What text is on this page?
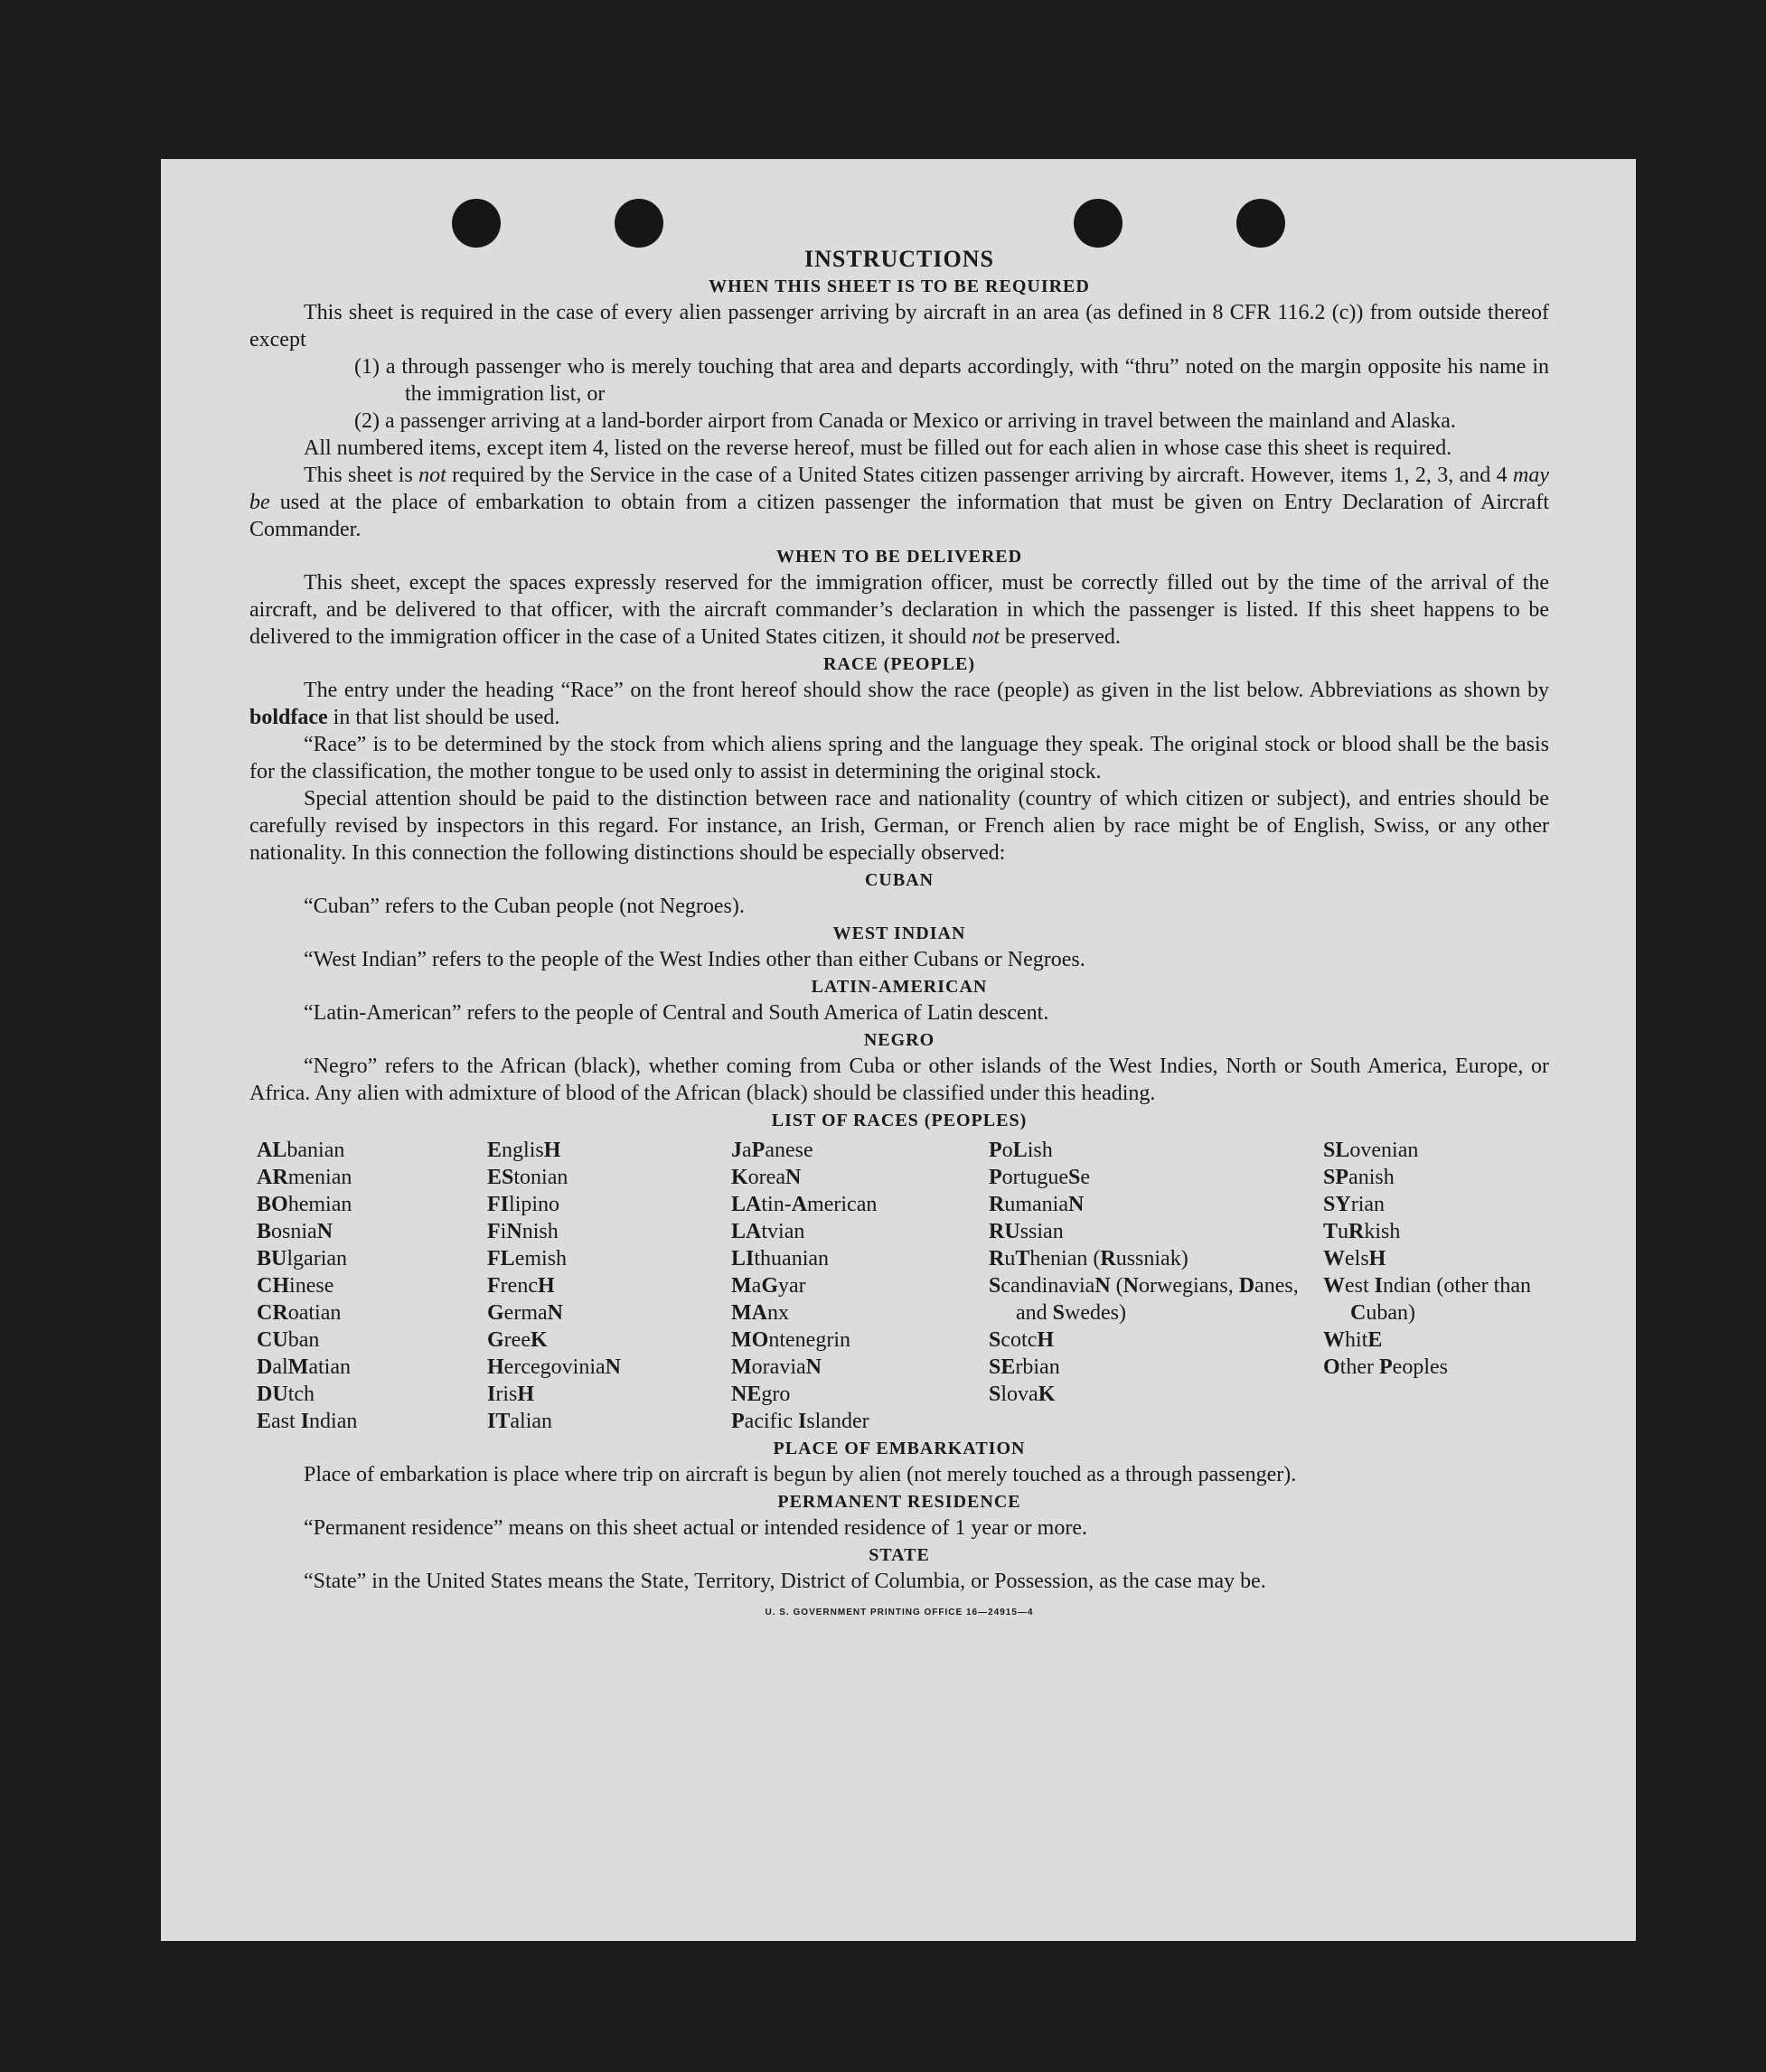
INSTRUCTIONS
WHEN THIS SHEET IS TO BE REQUIRED

This sheet is required in the case of every alien passenger arriving by aircraft in an area (as defined in 8 CFR 116.2 (c)) from outside thereof except

(1) a through passenger who is merely touching that area and departs accordingly, with “thru” noted on the margin opposite his name in the immigration list, or
(2) a passenger arriving at a land-border airport from Canada or Mexico or arriving in travel between the mainland and Alaska.

All numbered items, except item 4, listed on the reverse hereof, must be filled out for each alien in whose case this sheet is required.

This sheet is not required by the Service in the case of a United States citizen passenger arriving by aircraft. However, items 1, 2, 3, and 4 may be used at the place of embarkation to obtain from a citizen passenger the information that must be given on Entry Declaration of Aircraft Commander.

WHEN TO BE DELIVERED

This sheet, except the spaces expressly reserved for the immigration officer, must be correctly filled out by the time of the arrival of the aircraft, and be delivered to that officer, with the aircraft commander’s declaration in which the passenger is listed. If this sheet happens to be delivered to the immigration officer in the case of a United States citizen, it should not be preserved.

RACE (PEOPLE)

The entry under the heading “Race” on the front hereof should show the race (people) as given in the list below. Abbreviations as shown by boldface in that list should be used.

“Race” is to be determined by the stock from which aliens spring and the language they speak. The original stock or blood shall be the basis for the classification, the mother tongue to be used only to assist in determining the original stock.

Special attention should be paid to the distinction between race and nationality (country of which citizen or subject), and entries should be carefully revised by inspectors in this regard. For instance, an Irish, German, or French alien by race might be of English, Swiss, or any other nationality. In this connection the following distinctions should be especially observed:

CUBAN

“Cuban” refers to the Cuban people (not Negroes).

WEST INDIAN

“West Indian” refers to the people of the West Indies other than either Cubans or Negroes.

LATIN-AMERICAN

“Latin-American” refers to the people of Central and South America of Latin descent.

NEGRO

“Negro” refers to the African (black), whether coming from Cuba or other islands of the West Indies, North or South America, Europe, or Africa. Any alien with admixture of blood of the African (black) should be classified under this heading.

LIST OF RACES (PEOPLES)
ALbanian
ARmenian
BOhemian
BosniaN
BUlgarian
CHinese
CRoatian
CUban
DalMatian
DUtch
East Indian
EnglisH
EStonian
FIlipino
FiNnish
FLemish
FrencH
GermaN
GreeK
HercegoviniaN
IrisH
ITalian
JaPanese
KoreaN
LAtin-American
LAtvian
LIthuanian
MaGyar
MAnx
MOntenegrin
MoraviaN
NEgro
Pacific Islander
PoLish
PortugueSe
RumaniaN
RUssian
RuThenian (Russniak)
ScandinaviaN (Norwegians, Danes, and Swedes)
ScotcH
SErbian
SlovaK
SLovenian
SPanish
SYrian
TuRkish
WelsH
West Indian (other than Cuban)
WhitE
Other Peoples
PLACE OF EMBARKATION

Place of embarkation is place where trip on aircraft is begun by alien (not merely touched as a through passenger).

PERMANENT RESIDENCE

“Permanent residence” means on this sheet actual or intended residence of 1 year or more.

STATE

“State” in the United States means the State, Territory, District of Columbia, or Possession, as the case may be.

U. S. GOVERNMENT PRINTING OFFICE 16—24915—4
